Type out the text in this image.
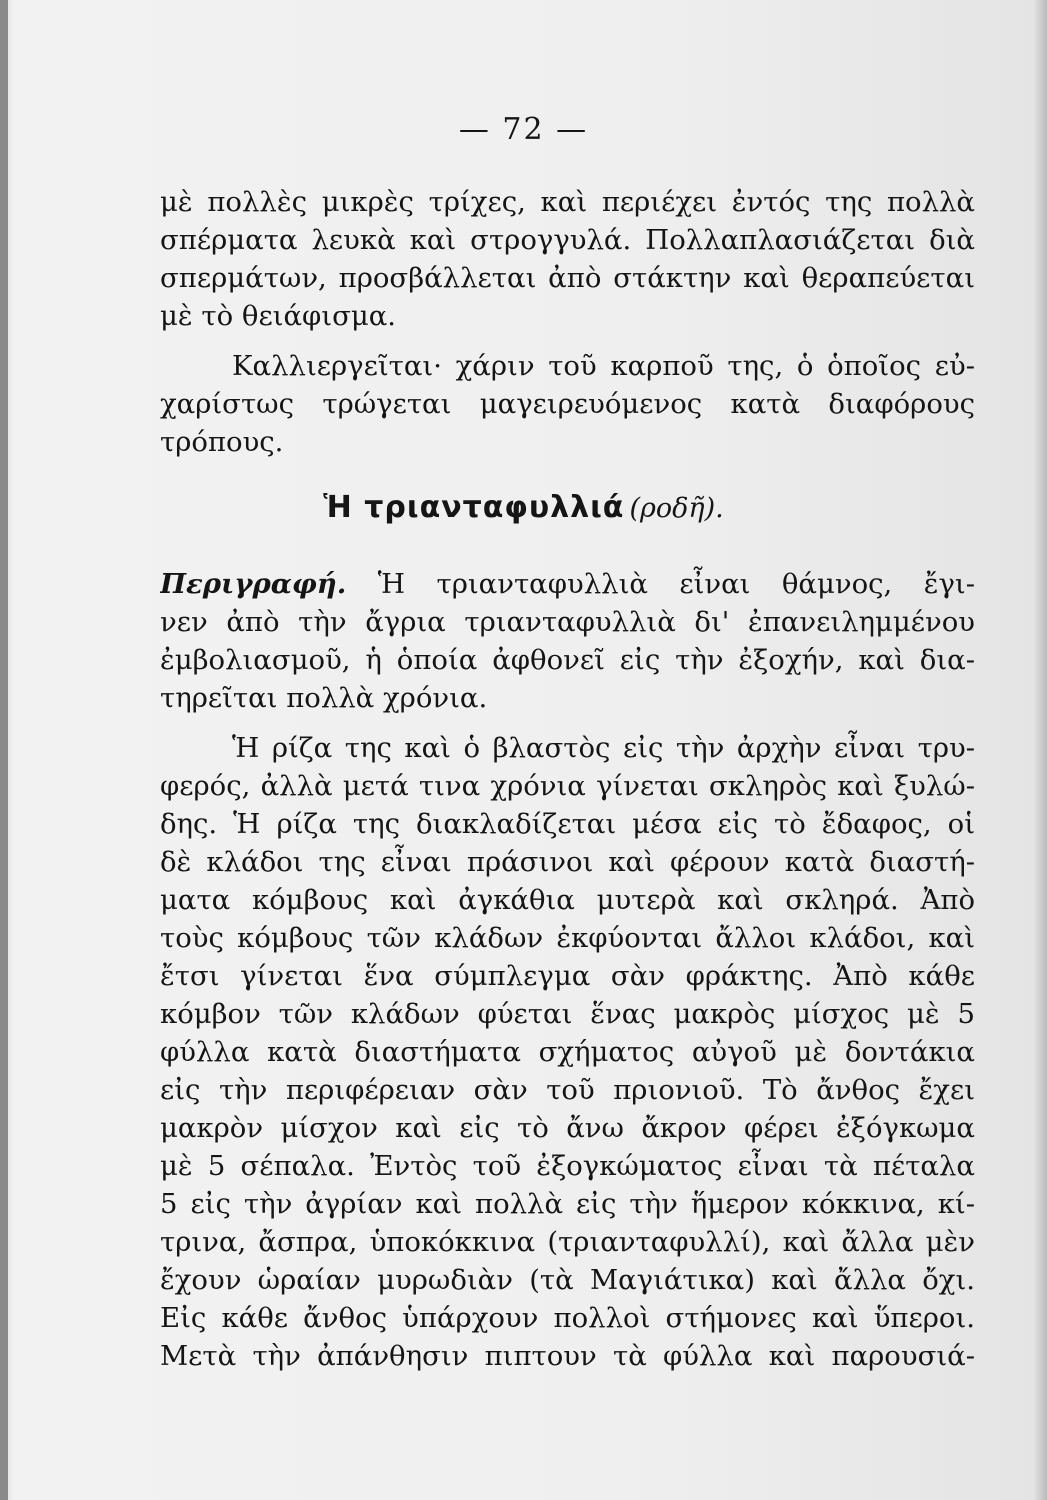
— 72 —
μὲ πολλὲς μικρὲς τρίχες, καὶ περιέχει ἐντός της πολλὰ
σπέρματα λευκὰ καὶ στρογγυλά. Πολλαπλασιάζεται διὰ
σπερμάτων, προσβάλλεται ἀπὸ στάκτην καὶ θεραπεύεται
μὲ τὸ θειάφισμα.
Καλλιεργεῖται· χάριν τοῦ καρποῦ της, ὁ ὁποῖος εὐ-
χαρίστως τρώγεται μαγειρευόμενος κατὰ διαφόρους
τρόπους.
Ἡ τριανταφυλλιά (ροδῆ).
Περιγραφή. Ἡ τριανταφυλλιὰ εἶναι θάμνος, ἔγι-
νεν ἀπὸ τὴν ἄγρια τριανταφυλλιὰ δι' ἐπανειλημμένου
ἐμβολιασμοῦ, ἡ ὁποία ἀφθονεῖ εἰς τὴν ἐξοχήν, καὶ δια-
τηρεῖται πολλὰ χρόνια.
Ἡ ρίζα της καὶ ὁ βλαστὸς εἰς τὴν ἀρχὴν εἶναι τρυ-
φερός, ἀλλὰ μετά τινα χρόνια γίνεται σκληρὸς καὶ ξυλώ-
δης. Ἡ ρίζα της διακλαδίζεται μέσα εἰς τὸ ἔδαφος, οἱ
δὲ κλάδοι της εἶναι πράσινοι καὶ φέρουν κατὰ διαστή-
ματα κόμβους καὶ ἀγκάθια μυτερὰ καὶ σκληρά. Ἀπὸ
τοὺς κόμβους τῶν κλάδων ἐκφύονται ἄλλοι κλάδοι, καὶ
ἔτσι γίνεται ἕνα σύμπλεγμα σὰν φράκτης. Ἀπὸ κάθε
κόμβον τῶν κλάδων φύεται ἕνας μακρὸς μίσχος μὲ 5
φύλλα κατὰ διαστήματα σχήματος αὐγοῦ μὲ δοντάκια
εἰς τὴν περιφέρειαν σὰν τοῦ πριονιοῦ. Τὸ ἄνθος ἔχει
μακρὸν μίσχον καὶ εἰς τὸ ἄνω ἄκρον φέρει ἐξόγκωμα
μὲ 5 σέπαλα. Ἐντὸς τοῦ ἐξογκώματος εἶναι τὰ πέταλα
5 εἰς τὴν ἀγρίαν καὶ πολλὰ εἰς τὴν ἥμερον κόκκινα, κί-
τρινα, ἄσπρα, ὑποκόκκινα (τριανταφυλλί), καὶ ἄλλα μὲν
ἔχουν ὡραίαν μυρωδιὰν (τὰ Μαγιάτικα) καὶ ἄλλα ὄχι.
Εἰς κάθε ἄνθος ὑπάρχουν πολλοὶ στήμονες καὶ ὕπεροι.
Μετὰ τὴν ἀπάνθησιν πιπτουν τὰ φύλλα καὶ παρουσιά-
